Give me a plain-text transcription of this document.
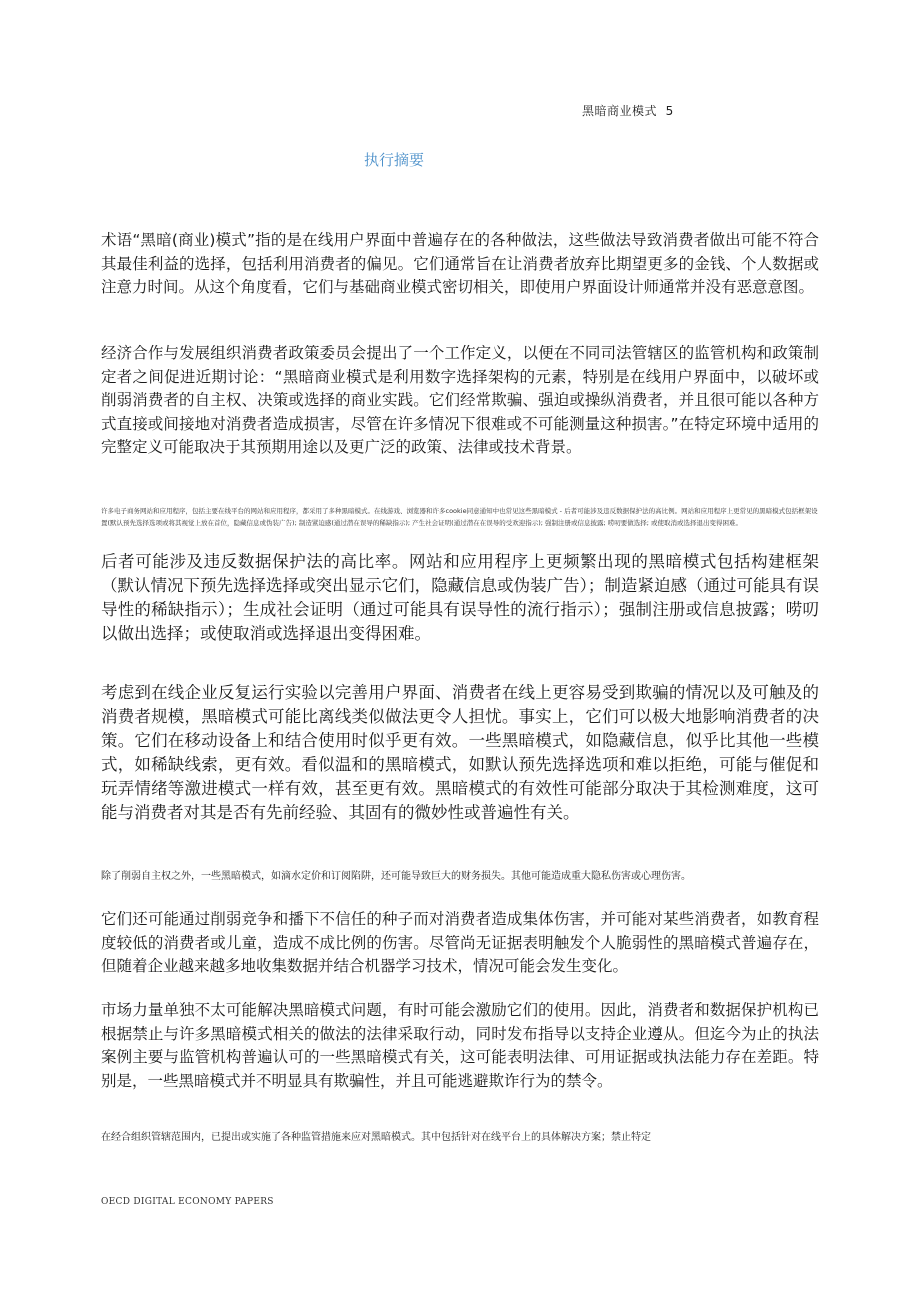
黑暗商业模式 5
执行摘要
术语“黑暗(商业)模式”指的是在线用户界面中普遍存在的各种做法，这些做法导致消费者做出可能不符合其最佳利益的选择，包括利用消费者的偏见。它们通常旨在让消费者放弃比期望更多的金钱、个人数据或注意力时间。从这个角度看，它们与基础商业模式密切相关，即使用户界面设计师通常并没有恶意意图。
经济合作与发展组织消费者政策委员会提出了一个工作定义，以便在不同司法管辖区的监管机构和政策制定者之间促进近期讨论：“黑暗商业模式是利用数字选择架构的元素，特别是在线用户界面中，以破坏或削弱消费者的自主权、决策或选择的商业实践。它们经常欺骗、强迫或操纵消费者，并且很可能以各种方式直接或间接地对消费者造成损害，尽管在许多情况下很难或不可能测量这种损害。”在特定环境中适用的完整定义可能取决于其预期用途以及更广泛的政策、法律或技术背景。
许多电子商务网站和应用程序，包括主要在线平台的网站和应用程序，都采用了多种黑暗模式。在线游戏、浏览器和许多cookie同意通知中也常见这些黑暗模式 - 后者可能涉及违反数据保护法的高比例。网站和应用程序上更常见的黑暗模式包括框架设置(默认预先选择选项或将其视觉上放在首位，隐藏信息或伪装广告); 制造紧迫感(通过潜在误导的稀缺指示); 产生社会证明(通过潜在在误导的受欢迎指示); 强制注册或信息披露; 唠叨要做选择; 或使取消或选择退出变得困难。
后者可能涉及违反数据保护法的高比率。网站和应用程序上更频繁出现的黑暗模式包括构建框架（默认情况下预先选择选择或突出显示它们，隐藏信息或伪装广告）；制造紧迫感（通过可能具有误导性的稀缺指示）；生成社会证明（通过可能具有误导性的流行指示）；强制注册或信息披露；唠叨以做出选择；或使取消或选择退出变得困难。
考虑到在线企业反复运行实验以完善用户界面、消费者在线上更容易受到欺骗的情况以及可触及的消费者规模，黑暗模式可能比离线类似做法更令人担忧。事实上，它们可以极大地影响消费者的决策。它们在移动设备上和结合使用时似乎更有效。一些黑暗模式，如隐藏信息，似乎比其他一些模式，如稀缺线索，更有效。看似温和的黑暗模式，如默认预先选择选项和难以拒绝，可能与催促和玩弄情绪等激进模式一样有效，甚至更有效。黑暗模式的有效性可能部分取决于其检测难度，这可能与消费者对其是否有先前经验、其固有的微妙性或普遍性有关。
除了削弱自主权之外，一些黑暗模式，如滴水定价和订阅陷阱，还可能导致巨大的财务损失。其他可能造成重大隐私伤害或心理伤害。
它们还可能通过削弱竞争和播下不信任的种子而对消费者造成集体伤害，并可能对某些消费者，如教育程度较低的消费者或儿童，造成不成比例的伤害。尽管尚无证据表明触发个人脆弱性的黑暗模式普遍存在，但随着企业越来越多地收集数据并结合机器学习技术，情况可能会发生变化。
市场力量单独不太可能解决黑暗模式问题，有时可能会激励它们的使用。因此，消费者和数据保护机构已根据禁止与许多黑暗模式相关的做法的法律采取行动，同时发布指导以支持企业遵从。但迄今为止的执法案例主要与监管机构普遍认可的一些黑暗模式有关，这可能表明法律、可用证据或执法能力存在差距。特别是，一些黑暗模式并不明显具有欺骗性，并且可能逃避欺诈行为的禁令。
在经合组织管辖范围内，已提出或实施了各种监管措施来应对黑暗模式。其中包括针对在线平台上的具体解决方案；禁止特定
OECD DIGITAL ECONOMY PAPERS
